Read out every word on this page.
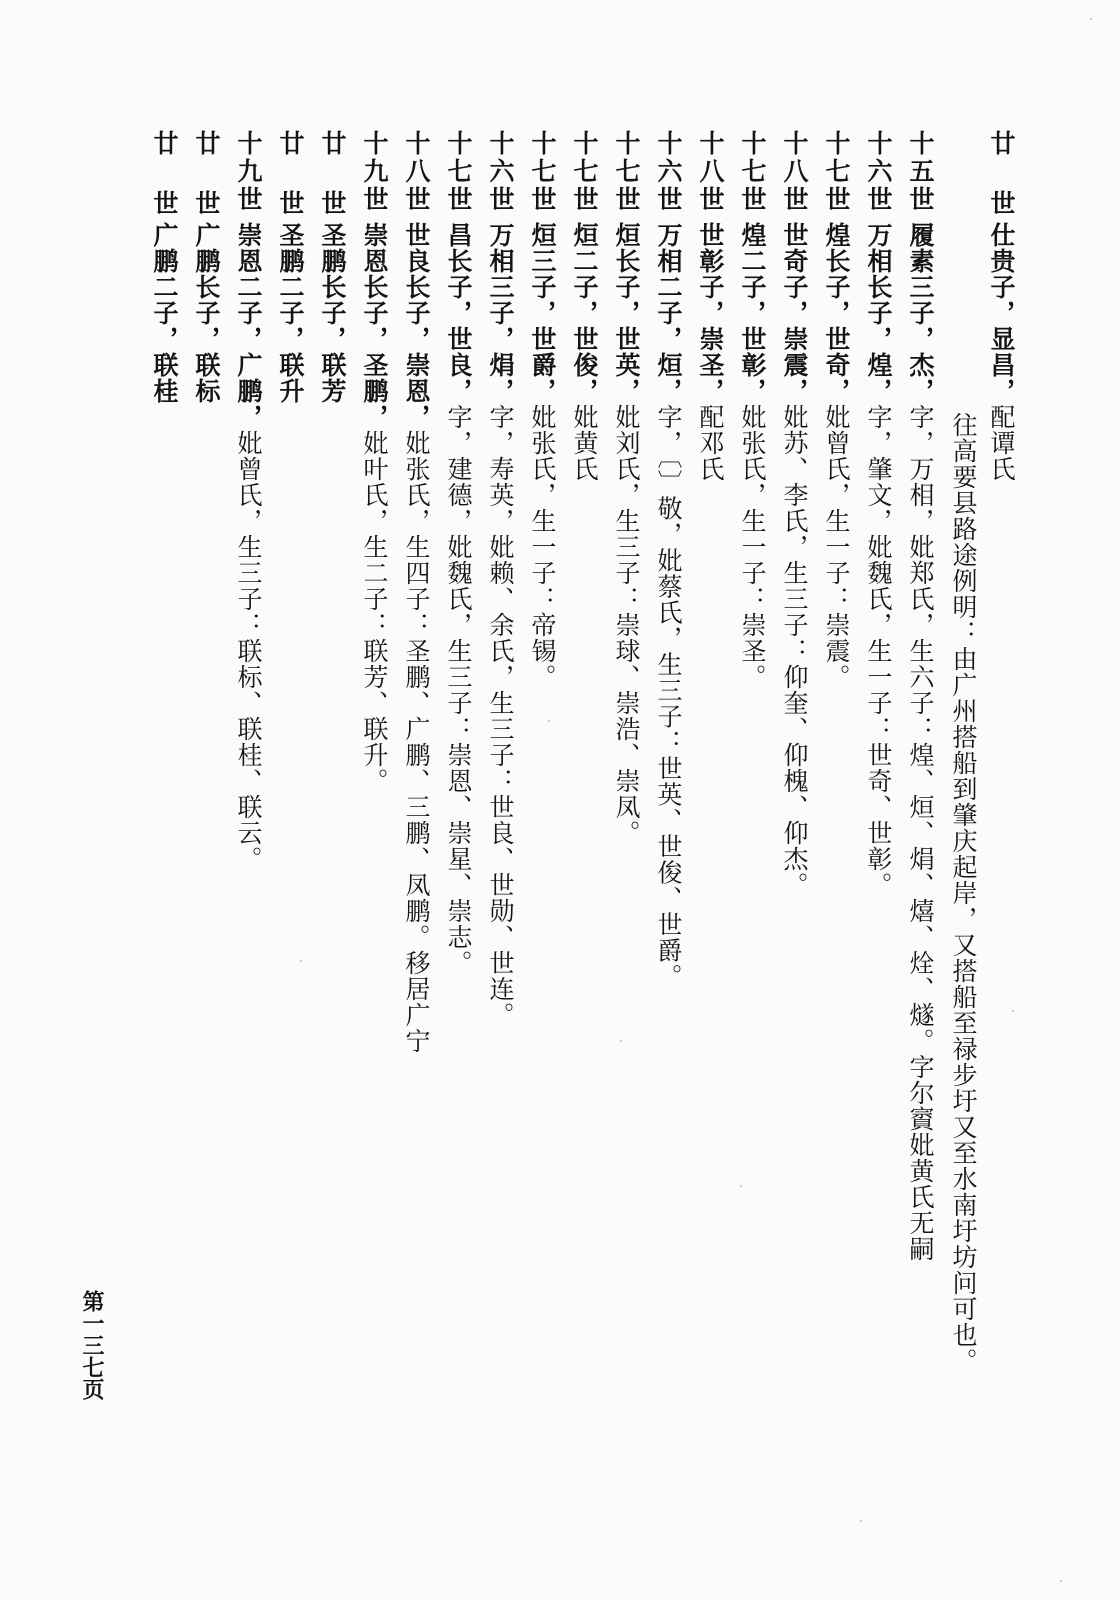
廿 世仕贵子，显昌，配谭氏
往高要县路途例明：由广州搭船到肇庆起岸，又搭船至禄步圩又至水南圩坊问可也。
十五世履素三子，杰，字，万相，妣郑氏，生六子：煌、烜、焆、熺、烇、燧。字尔賨妣黄氏无嗣
十六世万相长子，煌，字，肇文，妣魏氏，生一子：世奇、世彰。
十七世煌长子，世奇，妣曾氏，生一子：崇震。
十八世世奇子，崇震，妣苏、李氏，生三子：仰奎、仰槐、仰杰。
十七世煌二子，世彰，妣张氏，生一子：崇圣。
十八世世彰子，崇圣，配邓氏
十六世万相二子，烜，字，〔〕敬，妣蔡氏，生三子：世英、世俊、世爵。
十七世烜长子，世英，妣刘氏，生三子：崇球、崇浩、崇凤。
十七世烜二子，世俊，妣黄氏
十七世烜三子，世爵，妣张氏，生一子：帝锡。
十六世万相三子，焆，字，寿英，妣赖、余氏，生三子：世良、世勋、世连。
十七世昌长子，世良，字，建德，妣魏氏，生三子：崇恩、崇星、崇志。
十八世世良长子，崇恩，妣张氏，生四子：圣鹏、广鹏、三鹏、凤鹏。移居广宁
十九世崇恩长子，圣鹏，妣叶氏，生二子：联芳、联升。
廿 世圣鹏长子，联芳
廿 世圣鹏二子，联升
十九世崇恩二子，广鹏，妣曾氏，生三子：联标、联桂、联云。
廿 世广鹏长子，联标
廿 世广鹏二子，联桂
第一三七页
